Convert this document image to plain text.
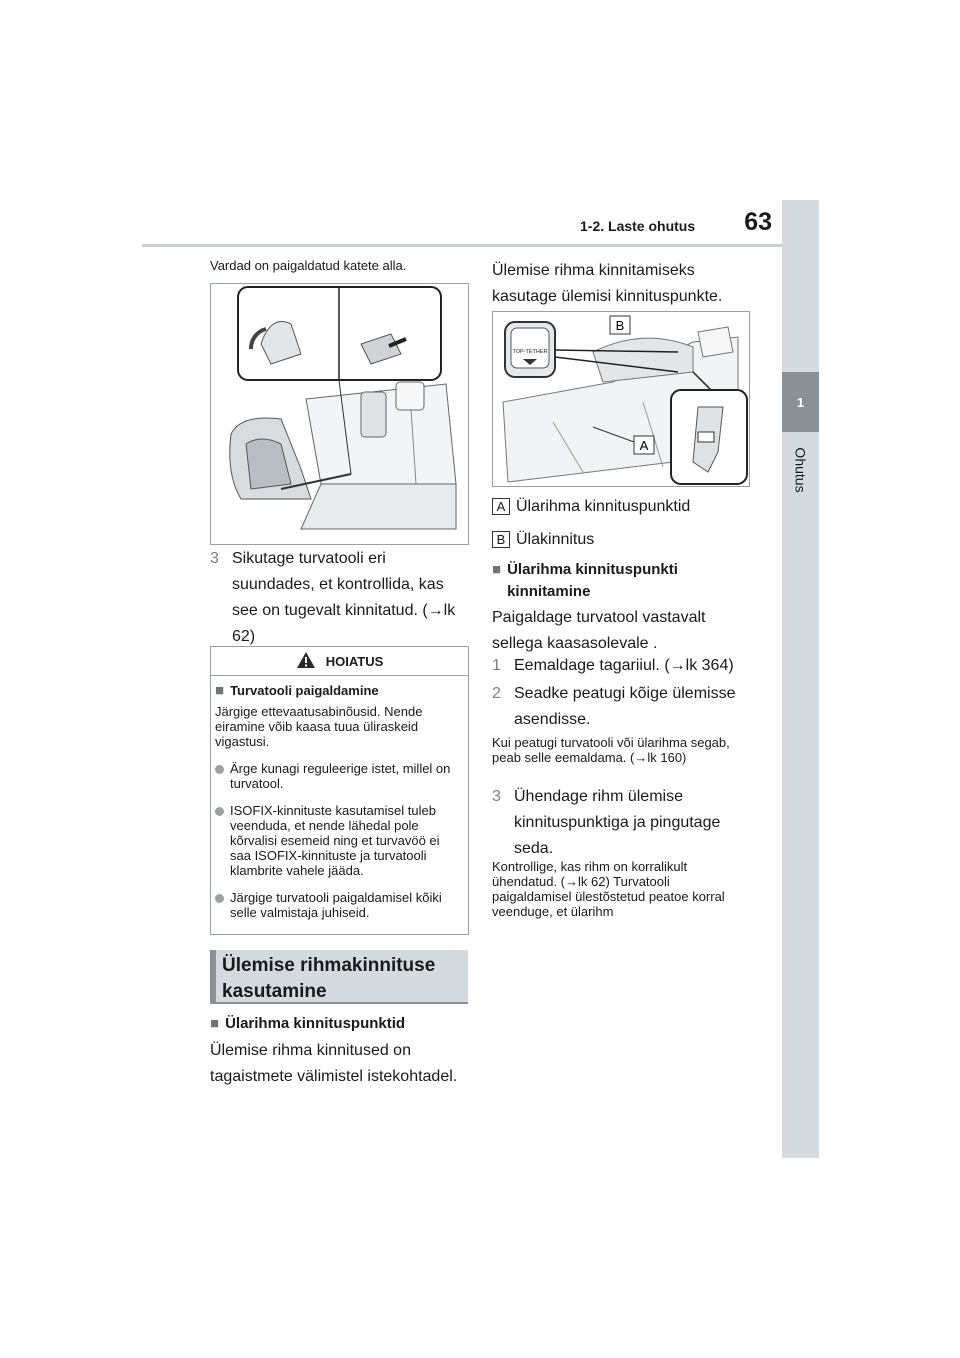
63
1-2. Laste ohutus
1
Ohutus
Vardad on paigaldatud katete alla.
3 Sikutage turvatooli eri suundades, et kontrollida, kas see on tugevalt kinnitatud. (→lk 62)
HOIATUS
■ Turvatooli paigaldamine
Järgige ettevaatusabinõusid. Nende eiramine võib kaasa tuua üliraskeid vigastusi.
Ärge kunagi reguleerige istet, millel on turvatool.
ISOFIX-kinnituste kasutamisel tuleb veenduda, et nende lähedal pole kõrvalisi esemeid ning et turvavöö ei saa ISOFIX-kinnituste ja turvatooli klambrite vahele jääda.
Järgige turvatooli paigaldamisel kõiki selle valmistaja juhiseid.
Ülemise rihmakinnituse kasutamine
■ Ülarihma kinnituspunktid
Ülemise rihma kinnitused on tagaistmete välimistel istekohtadel.
Ülemise rihma kinnitamiseks kasutage ülemisi kinnituspunkte.
TOP-TETHER
B
A
A Ülarihma kinnituspunktid
B Ülakinnitus
■ Ülarihma kinnituspunkti kinnitamine
Paigaldage turvatool vastavalt sellega kaasasolevale .
1 Eemaldage tagariiul. (→lk 364)
2 Seadke peatugi kõige ülemisse asendisse.
Kui peatugi turvatooli või ülarihma segab, peab selle eemaldama. (→lk 160)
3 Ühendage rihm ülemise kinnituspunktiga ja pingutage seda.
Kontrollige, kas rihm on korralikult ühendatud. (→lk 62) Turvatooli paigaldamisel ülestõstetud peatoe korral veenduge, et ülarihm
